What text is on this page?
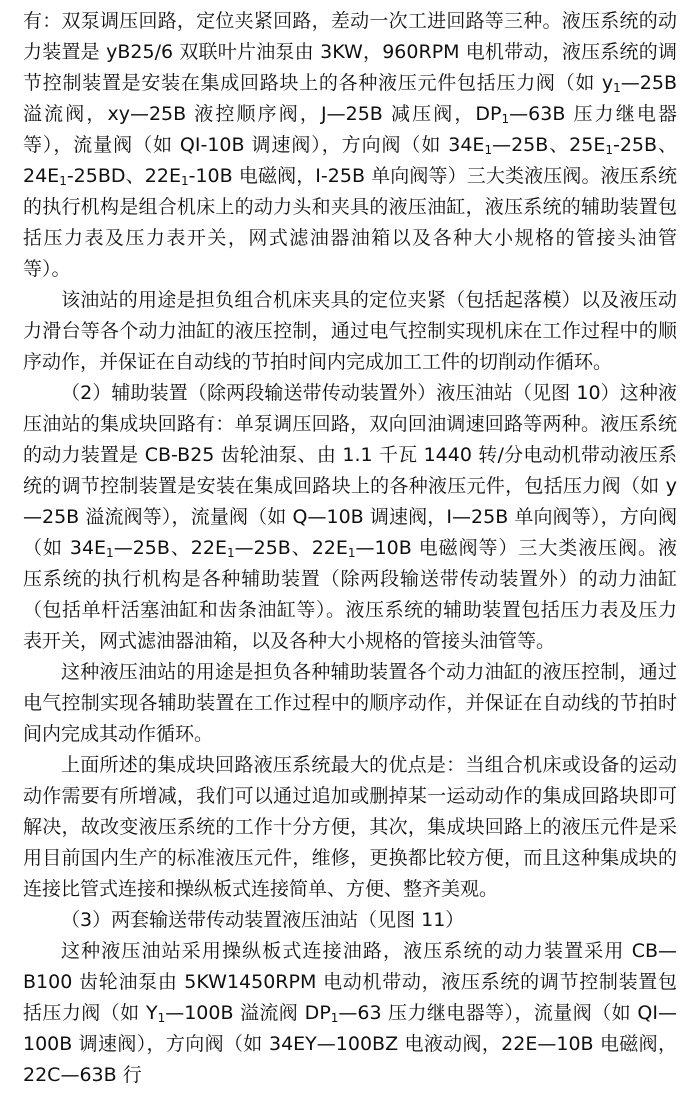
有：双泵调压回路，定位夹紧回路，差动一次工进回路等三种。液压系统的动力装置是 yB25/6 双联叶片油泵由 3KW，960RPM 电机带动，液压系统的调节控制装置是安装在集成回路块上的各种液压元件包括压力阀（如 $y_1—25B$ 溢流阀，xy—25B 液控顺序阀，J—25B 减压阀，$DP_1—63B$ 压力继电器等），流量阀（如 QI-10B 调速阀），方向阀（如 $34E_1—25B$、$25E_1-25B$、$24E_1-25BD$、$22E_1-10B$ 电磁阀，I-25B 单向阀等）三大类液压阀。液压系统的执行机构是组合机床上的动力头和夹具的液压油缸，液压系统的辅助装置包括压力表及压力表开关，网式滤油器油箱以及各种大小规格的管接头油管等）。

该油站的用途是担负组合机床夹具的定位夹紧（包括起落模）以及液压动力滑台等各个动力油缸的液压控制，通过电气控制实现机床在工作过程中的顺序动作，并保证在自动线的节拍时间内完成加工工件的切削动作循环。

（2）辅助装置（除两段输送带传动装置外）液压油站（见图 10）这种液压油站的集成块回路有：单泵调压回路，双向回油调速回路等两种。液压系统的动力装置是 CB-B25 齿轮油泵、由 1.1 千瓦 1440 转/分电动机带动液压系统的调节控制装置是安装在集成回路块上的各种液压元件，包括压力阀（如 y—25B 溢流阀等），流量阀（如 Q—10B 调速阀，I—25B 单向阀等），方向阀（如 $34E_1—25B$、$22E_1—25B$、$22E_1—10B$ 电磁阀等）三大类液压阀。液压系统的执行机构是各种辅助装置（除两段输送带传动装置外）的动力油缸（包括单杆活塞油缸和齿条油缸等）。液压系统的辅助装置包括压力表及压力表开关，网式滤油器油箱，以及各种大小规格的管接头油管等。

这种液压油站的用途是担负各种辅助装置各个动力油缸的液压控制，通过电气控制实现各辅助装置在工作过程中的顺序动作，并保证在自动线的节拍时间内完成其动作循环。

上面所述的集成块回路液压系统最大的优点是：当组合机床或设备的运动动作需要有所增减，我们可以通过追加或删掉某一运动动作的集成回路块即可解决，故改变液压系统的工作十分方便，其次，集成块回路上的液压元件是采用目前国内生产的标准液压元件，维修，更换都比较方便，而且这种集成块的连接比管式连接和操纵板式连接简单、方便、整齐美观。

（3）两套输送带传动装置液压油站（见图 11）

这种液压油站采用操纵板式连接油路，液压系统的动力装置采用 CB—B100 齿轮油泵由 5KW1450RPM 电动机带动，液压系统的调节控制装置包括压力阀（如 $Y_1—100B$ 溢流阀 $DP_1—63$ 压力继电器等），流量阀（如 QI—100B 调速阀），方向阀（如 34EY—100BZ 电液动阀，22E—10B 电磁阀，22C—63B 行
